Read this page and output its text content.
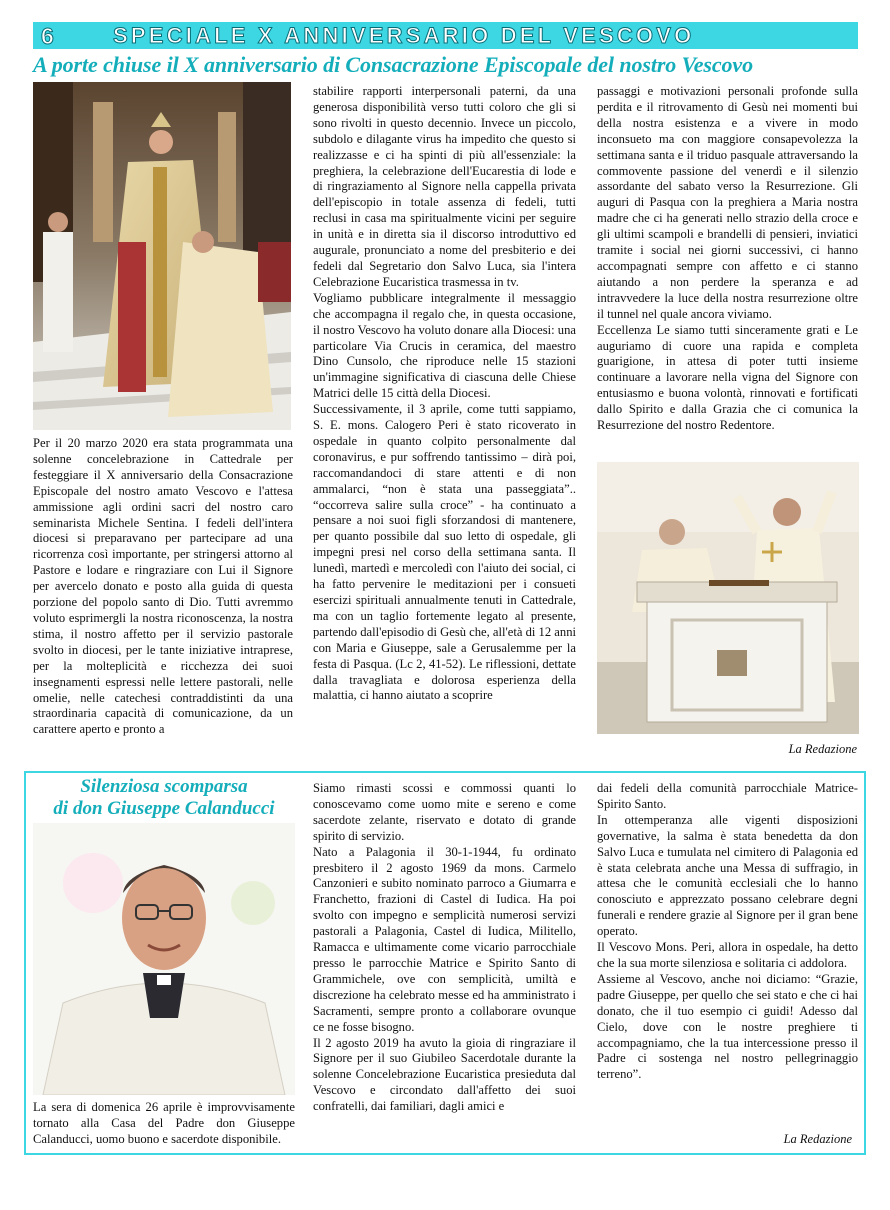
6	SPECIALE X ANNIVERSARIO DEL VESCOVO
A porte chiuse il X anniversario di Consacrazione Episcopale del nostro Vescovo

Per il 20 marzo 2020 era stata programmata una solenne concelebrazione in Cattedrale per festeggiare il X anniversario della Consacrazione Episcopale del nostro amato Vescovo e l'attesa ammissione agli ordini sacri del nostro caro seminarista Michele Sentina. I fedeli dell'intera diocesi si preparavano per partecipare ad una ricorrenza così importante, per stringersi attorno al Pastore e lodare e ringraziare con Lui il Signore per avercelo donato e posto alla guida di questa porzione del popolo santo di Dio. Tutti avremmo voluto esprimergli la nostra riconoscenza, la nostra stima, il nostro affetto per il servizio pastorale svolto in diocesi, per le tante iniziative intraprese, per la molteplicità e ricchezza dei suoi insegnamenti espressi nelle lettere pastorali, nelle omelie, nelle catechesi contraddistinti da una straordinaria capacità di comunicazione, da un carattere aperto e pronto a

stabilire rapporti interpersonali paterni, da una generosa disponibilità verso tutti coloro che gli si sono rivolti in questo decennio. Invece un piccolo, subdolo e dilagante virus ha impedito che questo si realizzasse e ci ha spinti di più all'essenziale: la preghiera, la celebrazione dell'Eucarestia di lode e di ringraziamento al Signore nella cappella privata dell'episcopio in totale assenza di fedeli, tutti reclusi in casa ma spiritualmente vicini per seguire in unità e in diretta sia il discorso introduttivo ed augurale, pronunciato a nome del presbiterio e dei fedeli dal Segretario don Salvo Luca, sia l'intera Celebrazione Eucaristica trasmessa in tv.

Vogliamo pubblicare integralmente il messaggio che accompagna il regalo che, in questa occasione, il nostro Vescovo ha voluto donare alla Diocesi: una particolare Via Crucis in ceramica, del maestro Dino Cunsolo, che riproduce nelle 15 stazioni un'immagine significativa di ciascuna delle Chiese Matrici delle 15 città della Diocesi.

Successivamente, il 3 aprile, come tutti sappiamo, S. E. mons. Calogero Peri è stato ricoverato in ospedale in quanto colpito personalmente dal coronavirus, e pur soffrendo tantissimo – dirà poi, raccomandandoci di stare attenti e di non ammalarci, “non è stata una passeggiata”.. “occorreva salire sulla croce” - ha continuato a pensare a noi suoi figli sforzandosi di mantenere, per quanto possibile dal suo letto di ospedale, gli impegni presi nel corso della settimana santa. Il lunedì, martedì e mercoledì con l'aiuto dei social, ci ha fatto pervenire le meditazioni per i consueti esercizi spirituali annualmente tenuti in Cattedrale, ma con un taglio fortemente legato al presente, partendo dall'episodio di Gesù che, all'età di 12 anni con Maria e Giuseppe, sale a Gerusalemme per la festa di Pasqua. (Lc 2, 41-52). Le riflessioni, dettate dalla travagliata e dolorosa esperienza della malattia, ci hanno aiutato a scoprire

passaggi e motivazioni personali profonde sulla perdita e il ritrovamento di Gesù nei momenti bui della nostra esistenza e a vivere in modo inconsueto ma con maggiore consapevolezza la settimana santa e il triduo pasquale attraversando la commovente passione del venerdì e il silenzio assordante del sabato verso la Resurrezione. Gli auguri di Pasqua con la preghiera a Maria nostra madre che ci ha generati nello strazio della croce e gli ultimi scampoli e brandelli di pensieri, inviatici tramite i social nei giorni successivi, ci hanno accompagnati sempre con affetto e ci stanno aiutando a non perdere la speranza e ad intravvedere la luce della nostra resurrezione oltre il tunnel nel quale ancora viviamo.

Eccellenza Le siamo tutti sinceramente grati e Le auguriamo di cuore una rapida e completa guarigione, in attesa di poter tutti insieme continuare a lavorare nella vigna del Signore con entusiasmo e buona volontà, rinnovati e fortificati dallo Spirito e dalla Grazia che ci comunica la Resurrezione del nostro Redentore.

La Redazione
Silenziosa scomparsa
di don Giuseppe Calanducci

La sera di domenica 26 aprile è improvvisamente tornato alla Casa del Padre don Giuseppe Calanducci, uomo buono e sacerdote disponibile.

Siamo rimasti scossi e commossi quanti lo conoscevamo come uomo mite e sereno e come sacerdote zelante, riservato e dotato di grande spirito di servizio.

Nato a Palagonia il 30-1-1944, fu ordinato presbitero il 2 agosto 1969 da mons. Carmelo Canzonieri e subito nominato parroco a Giumarra e Franchetto, frazioni di Castel di Iudica. Ha poi svolto con impegno e semplicità numerosi servizi pastorali a Palagonia, Castel di Iudica, Militello, Ramacca e ultimamente come vicario parrocchiale presso le parrocchie Matrice e Spirito Santo di Grammichele, ove con semplicità, umiltà e discrezione ha celebrato messe ed ha amministrato i Sacramenti, sempre pronto a collaborare ovunque ce ne fosse bisogno.

Il 2 agosto 2019 ha avuto la gioia di ringraziare il Signore per il suo Giubileo Sacerdotale durante la solenne Concelebrazione Eucaristica presieduta dal Vescovo e circondato dall'affetto dei suoi confratelli, dai familiari, dagli amici e

dai fedeli della comunità parrocchiale Matrice-Spirito Santo.

In ottemperanza alle vigenti disposizioni governative, la salma è stata benedetta da don Salvo Luca e tumulata nel cimitero di Palagonia ed è stata celebrata anche una Messa di suffragio, in attesa che le comunità ecclesiali che lo hanno conosciuto e apprezzato possano celebrare degni funerali e rendere grazie al Signore per il gran bene operato.

Il Vescovo Mons. Peri, allora in ospedale, ha detto che la sua morte silenziosa e solitaria ci addolora.

Assieme al Vescovo, anche noi diciamo: “Grazie, padre Giuseppe, per quello che sei stato e che ci hai donato, che il tuo esempio ci guidi! Adesso dal Cielo, dove con le nostre preghiere ti accompagniamo, che la tua intercessione presso il Padre ci sostenga nel nostro pellegrinaggio terreno”.

La Redazione
